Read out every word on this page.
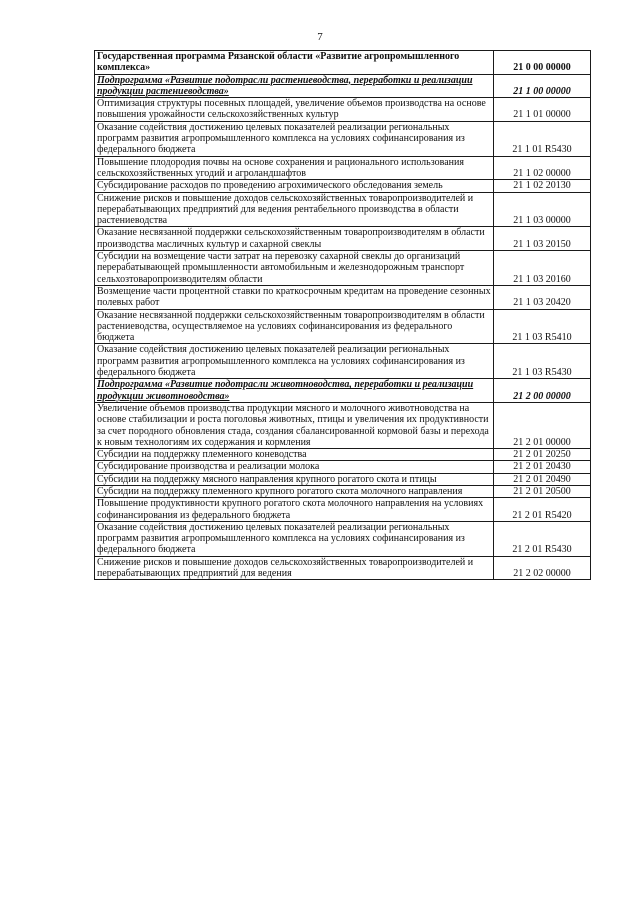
7
Государственная программа Рязанской области «Развитие агропромышленного комплекса»	21 0 00 00000
Подпрограмма «Развитие подотрасли растениеводства, переработки и реализации продукции растениеводства»	21 1 00 00000
Оптимизация структуры посевных площадей, увеличение объемов производства на основе повышения урожайности сельскохозяйственных культур	21 1 01 00000
Оказание содействия достижению целевых показателей реализации региональных программ развития агропромышленного комплекса на условиях софинансирования из федерального бюджета	21 1 01 R5430
Повышение плодородия почвы на основе сохранения и рационального использования сельскохозяйственных угодий и агроландшафтов	21 1 02 00000
Субсидирование расходов по проведению агрохимического обследования земель	21 1 02 20130
Снижение рисков и повышение доходов сельскохозяйственных товаропроизводителей и перерабатывающих предприятий для ведения рентабельного производства в области растениеводства	21 1 03 00000
Оказание несвязанной поддержки сельскохозяйственным товаропроизводителям в области производства масличных культур и сахарной свеклы	21 1 03 20150
Субсидии на возмещение части затрат на перевозку сахарной свеклы до организаций перерабатывающей промышленности автомобильным и железнодорожным транспорт сельхозтоваропроизводителям области	21 1 03 20160
Возмещение части процентной ставки по краткосрочным кредитам на проведение сезонных полевых работ	21 1 03 20420
Оказание несвязанной поддержки сельскохозяйственным товаропроизводителям в области растениеводства, осуществляемое на условиях софинансирования из федерального бюджета	21 1 03 R5410
Оказание содействия достижению целевых показателей реализации региональных программ развития агропромышленного комплекса на условиях софинансирования из федерального бюджета	21 1 03 R5430
Подпрограмма «Развитие подотрасли животноводства, переработки и реализации продукции животноводства»	21 2 00 00000
Увеличение объемов производства продукции мясного и молочного животноводства на основе стабилизации и роста поголовья животных, птицы и увеличения их продуктивности за счет породного обновления стада, создания сбалансированной кормовой базы и перехода к новым технологиям их содержания и кормления	21 2 01 00000
Субсидии на поддержку племенного коневодства	21 2 01 20250
Субсидирование производства и реализации молока	21 2 01 20430
Субсидии на поддержку мясного направления крупного рогатого скота и птицы	21 2 01 20490
Субсидии на поддержку племенного крупного рогатого скота молочного направления	21 2 01 20500
Повышение продуктивности крупного рогатого скота молочного направления на условиях софинансирования из федерального бюджета	21 2 01 R5420
Оказание содействия достижению целевых показателей реализации региональных программ развития агропромышленного комплекса на условиях софинансирования из федерального бюджета	21 2 01 R5430
Снижение рисков и повышение доходов сельскохозяйственных товаропроизводителей и перерабатывающих предприятий для ведения	21 2 02 00000
